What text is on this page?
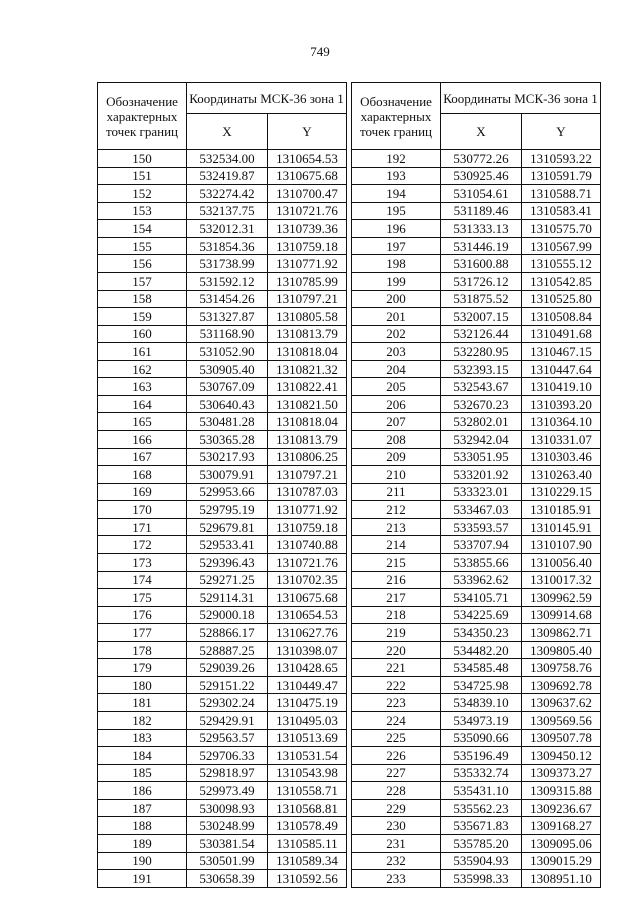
749
Обозначение характерных точек границ	Координаты МСК-36 зона 1	
	X	Y
150	532534.00	1310654.53
151	532419.87	1310675.68
152	532274.42	1310700.47
153	532137.75	1310721.76
154	532012.31	1310739.36
155	531854.36	1310759.18
156	531738.99	1310771.92
157	531592.12	1310785.99
158	531454.26	1310797.21
159	531327.87	1310805.58
160	531168.90	1310813.79
161	531052.90	1310818.04
162	530905.40	1310821.32
163	530767.09	1310822.41
164	530640.43	1310821.50
165	530481.28	1310818.04
166	530365.28	1310813.79
167	530217.93	1310806.25
168	530079.91	1310797.21
169	529953.66	1310787.03
170	529795.19	1310771.92
171	529679.81	1310759.18
172	529533.41	1310740.88
173	529396.43	1310721.76
174	529271.25	1310702.35
175	529114.31	1310675.68
176	529000.18	1310654.53
177	528866.17	1310627.76
178	528887.25	1310398.07
179	529039.26	1310428.65
180	529151.22	1310449.47
181	529302.24	1310475.19
182	529429.91	1310495.03
183	529563.57	1310513.69
184	529706.33	1310531.54
185	529818.97	1310543.98
186	529973.49	1310558.71
187	530098.93	1310568.81
188	530248.99	1310578.49
189	530381.54	1310585.11
190	530501.99	1310589.34
191	530658.39	1310592.56
Обозначение характерных точек границ	Координаты МСК-36 зона 1	
	X	Y
192	530772.26	1310593.22
193	530925.46	1310591.79
194	531054.61	1310588.71
195	531189.46	1310583.41
196	531333.13	1310575.70
197	531446.19	1310567.99
198	531600.88	1310555.12
199	531726.12	1310542.85
200	531875.52	1310525.80
201	532007.15	1310508.84
202	532126.44	1310491.68
203	532280.95	1310467.15
204	532393.15	1310447.64
205	532543.67	1310419.10
206	532670.23	1310393.20
207	532802.01	1310364.10
208	532942.04	1310331.07
209	533051.95	1310303.46
210	533201.92	1310263.40
211	533323.01	1310229.15
212	533467.03	1310185.91
213	533593.57	1310145.91
214	533707.94	1310107.90
215	533855.66	1310056.40
216	533962.62	1310017.32
217	534105.71	1309962.59
218	534225.69	1309914.68
219	534350.23	1309862.71
220	534482.20	1309805.40
221	534585.48	1309758.76
222	534725.98	1309692.78
223	534839.10	1309637.62
224	534973.19	1309569.56
225	535090.66	1309507.78
226	535196.49	1309450.12
227	535332.74	1309373.27
228	535431.10	1309315.88
229	535562.23	1309236.67
230	535671.83	1309168.27
231	535785.20	1309095.06
232	535904.93	1309015.29
233	535998.33	1308951.10
